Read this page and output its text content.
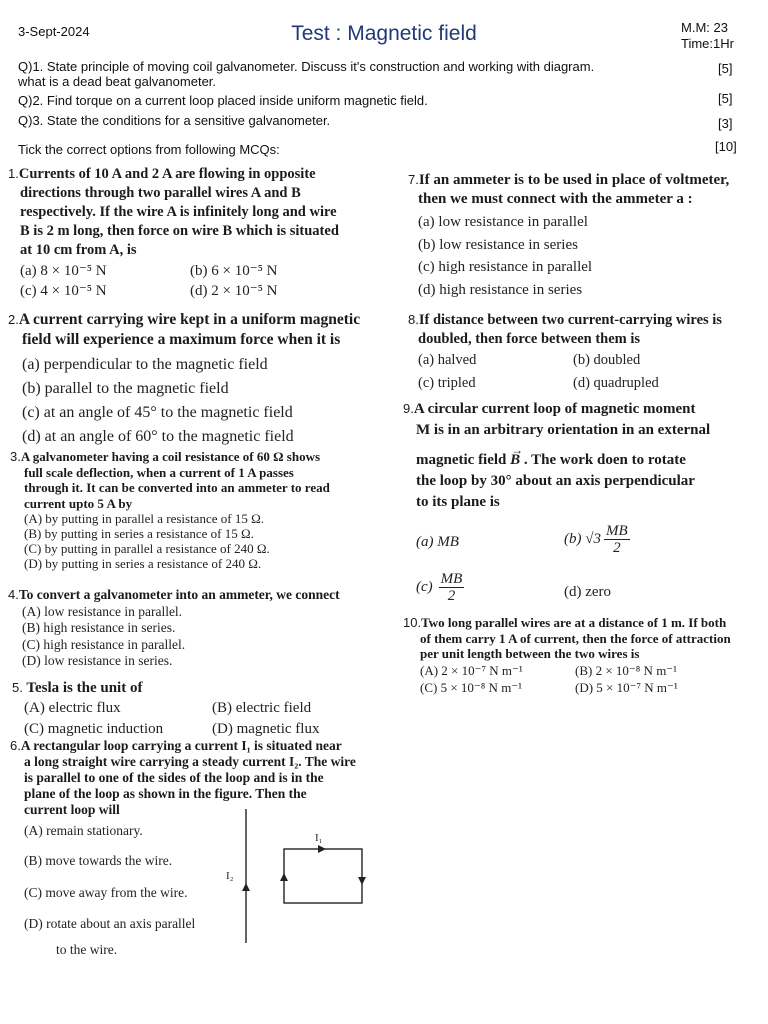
3-Sept-2024	Test : Magnetic field	M.M: 23
Time:1Hr
Q)1. State principle of moving coil galvanometer. Discuss it's construction and working with diagram.
what is a dead beat galvanometer.
[5]
Q)2. Find torque on a current loop placed inside uniform magnetic field.	[5]
Q)3. State the conditions for a sensitive galvanometer.	[3]
Tick the correct options from following MCQs:	[10]
1.Currents of 10 A and 2 A are flowing in opposite
directions through two parallel wires A and B
respectively. If the wire A is infinitely long and wire
B is 2 m long, then force on wire B which is situated
at 10 cm from A, is
(a) 8 × 10⁻⁵ N	(b) 6 × 10⁻⁵ N
(c) 4 × 10⁻⁵ N	(d) 2 × 10⁻⁵ N
2.A current carrying wire kept in a uniform magnetic
field will experience a maximum force when it is
(a) perpendicular to the magnetic field
(b) parallel to the magnetic field
(c) at an angle of 45° to the magnetic field
(d) at an angle of 60° to the magnetic field
3.A galvanometer having a coil resistance of 60 Ω shows
full scale deflection, when a current of 1 A passes
through it. It can be converted into an ammeter to read
current upto 5 A by
(A) by putting in parallel a resistance of 15 Ω.
(B) by putting in series a resistance of 15 Ω.
(C) by putting in parallel a resistance of 240 Ω.
(D) by putting in series a resistance of 240 Ω.
4.To convert a galvanometer into an ammeter, we connect
(A) low resistance in parallel.
(B) high resistance in series.
(C) high resistance in parallel.
(D) low resistance in series.
5. Tesla is the unit of
(A) electric flux	(B) electric field
(C) magnetic induction	(D) magnetic flux
6.A rectangular loop carrying a current I₁ is situated near
a long straight wire carrying a steady current I₂. The wire
is parallel to one of the sides of the loop and is in the
plane of the loop as shown in the figure. Then the
current loop will
(A) remain stationary.
(B) move towards the wire.
(C) move away from the wire.
(D) rotate about an axis parallel
to the wire.
I₁
I₂
7.If an ammeter is to be used in place of voltmeter,
then we must connect with the ammeter a :
(a) low resistance in parallel
(b) low resistance in series
(c) high resistance in parallel
(d) high resistance in series
8.If distance between two current-carrying wires is
doubled, then force between them is
(a) halved	(b) doubled
(c) tripled	(d) quadrupled
9.A circular current loop of magnetic moment
M is in an arbitrary orientation in an external
magnetic field
→
B . The work doen to rotate
the loop by 30° about an axis perpendicular
to its plane is
(a) MB	(b) √3 MB
2
(c) MB
2	(d) zero
10.Two long parallel wires are at a distance of 1 m. If both
of them carry 1 A of current, then the force of attraction
per unit length between the two wires is
(A) 2 × 10⁻⁷ N m⁻¹	(B) 2 × 10⁻⁸ N m⁻¹
(C) 5 × 10⁻⁸ N m⁻¹	(D) 5 × 10⁻⁷ N m⁻¹
